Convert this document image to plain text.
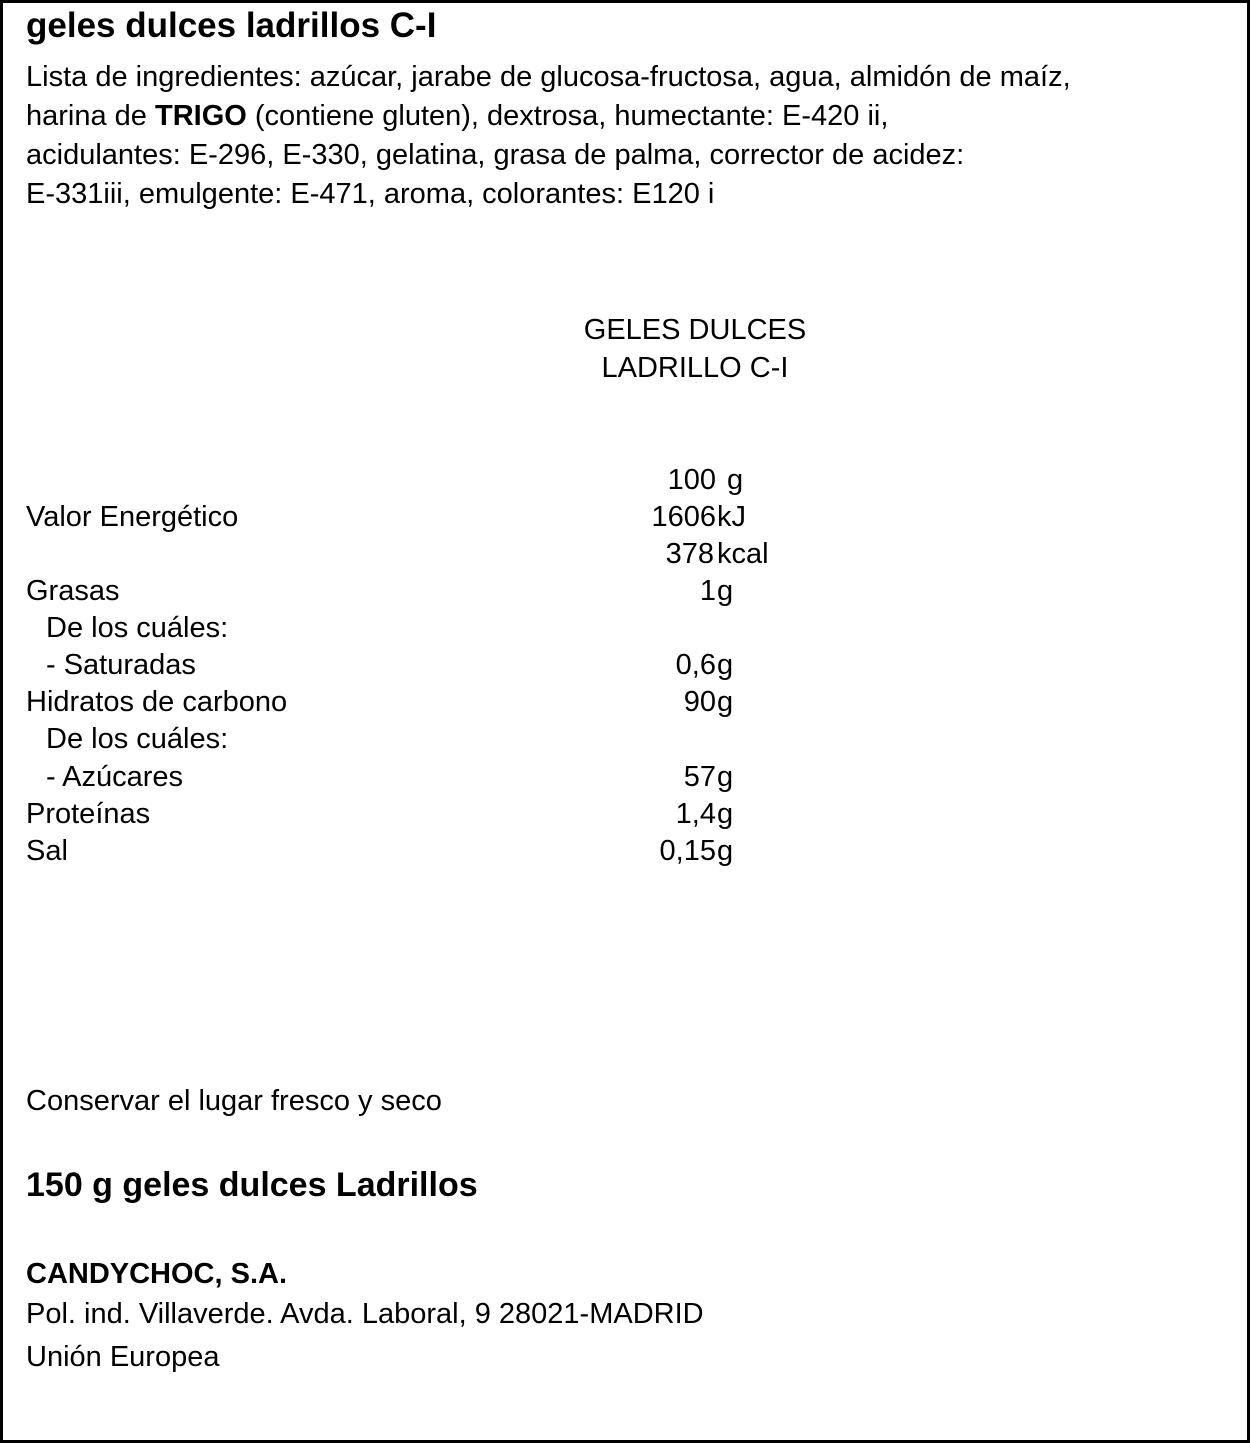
geles dulces ladrillos C-I
Lista de ingredientes: azúcar, jarabe de glucosa-fructosa, agua, almidón de maíz,
harina de TRIGO (contiene gluten), dextrosa, humectante: E-420 ii,
acidulantes: E-296, E-330, gelatina, grasa de palma, corrector de acidez:
E-331iii, emulgente: E-471, aroma, colorantes: E120 i
GELES DULCES
LADRILLO C-I
100 g
Valor Energético	1606 kJ
378 kcal
Grasas	1 g
De los cuáles:
- Saturadas	0,6 g
Hidratos de carbono	90 g
De los cuáles:
- Azúcares	57 g
Proteínas	1,4 g
Sal	0,15 g
Conservar el lugar fresco y seco
150 g geles dulces Ladrillos
CANDYCHOC, S.A.
Pol. ind. Villaverde. Avda. Laboral, 9 28021-MADRID
Unión Europea
